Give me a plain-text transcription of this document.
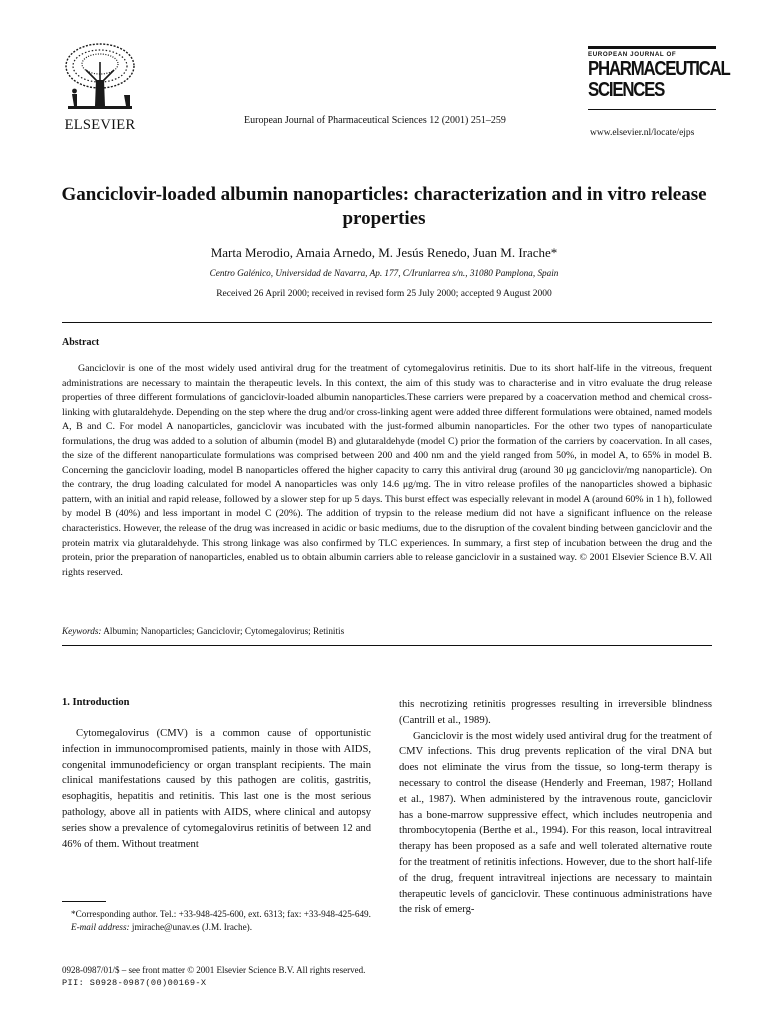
ELSEVIER	European Journal of Pharmaceutical Sciences 12 (2001) 251–259
EUROPEAN JOURNAL OF
PHARMACEUTICAL
SCIENCES
www.elsevier.nl/locate/ejps
Ganciclovir-loaded albumin nanoparticles: characterization and in vitro release properties
Marta Merodio, Amaia Arnedo, M. Jesús Renedo, Juan M. Irache*
Centro Galénico, Universidad de Navarra, Ap. 177, C/Irunlarrea s/n., 31080 Pamplona, Spain
Received 26 April 2000; received in revised form 25 July 2000; accepted 9 August 2000
Abstract

Ganciclovir is one of the most widely used antiviral drug for the treatment of cytomegalovirus retinitis. Due to its short half-life in the vitreous, frequent administrations are necessary to maintain the therapeutic levels. In this context, the aim of this study was to characterise and in vitro evaluate the drug release properties of three different formulations of ganciclovir-loaded albumin nanoparticles.These carriers were prepared by a coacervation method and chemical cross-linking with glutaraldehyde. Depending on the step where the drug and/or cross-linking agent were added three different formulations were obtained, named models A, B and C. For model A nanoparticles, ganciclovir was incubated with the just-formed albumin nanoparticles. For the other two types of nanoparticulate formulations, the drug was added to a solution of albumin (model B) and glutaraldehyde (model C) prior the formation of the carriers by coacervation. In all cases, the size of the different nanoparticulate formulations was comprised between 200 and 400 nm and the yield ranged from 50%, in model A, to 65% in model B. Concerning the ganciclovir loading, model B nanoparticles offered the higher capacity to carry this antiviral drug (around 30 μg ganciclovir/mg nanoparticle). On the contrary, the drug loading calculated for model A nanoparticles was only 14.6 μg/mg. The in vitro release profiles of the nanoparticles showed a biphasic pattern, with an initial and rapid release, followed by a slower step for up 5 days. This burst effect was especially relevant in model A (around 60% in 1 h), followed by model B (40%) and less important in model C (20%). The addition of trypsin to the release medium did not have a significant influence on the release characteristics. However, the release of the drug was increased in acidic or basic mediums, due to the disruption of the covalent binding between ganciclovir and the protein matrix via glutaraldehyde. This strong linkage was also confirmed by TLC experiences. In summary, a first step of incubation between the drug and the protein, prior the preparation of nanoparticles, enabled us to obtain albumin carriers able to release ganciclovir in a sustained way. © 2001 Elsevier Science B.V. All rights reserved.

Keywords: Albumin; Nanoparticles; Ganciclovir; Cytomegalovirus; Retinitis
1. Introduction

Cytomegalovirus (CMV) is a common cause of opportunistic infection in immunocompromised patients, mainly in those with AIDS, congenital immunodeficiency or organ transplant recipients. The main clinical manifestations caused by this pathogen are colitis, gastritis, esophagitis, hepatitis and retinitis. This last one is the most serious pathology, above all in patients with AIDS, where clinical and autopsy series show a prevalence of cytomegalovirus retinitis of between 12 and 46% of them. Without treatment

this necrotizing retinitis progresses resulting in irreversible blindness (Cantrill et al., 1989).

Ganciclovir is the most widely used antiviral drug for the treatment of CMV infections. This drug prevents replication of the viral DNA but does not eliminate the virus from the tissue, so long-term therapy is necessary to control the disease (Henderly and Freeman, 1987; Holland et al., 1987). When administered by the intravenous route, ganciclovir has a bone-marrow suppressive effect, which includes neutropenia and thrombocytopenia (Berthe et al., 1994). For this reason, local intravitreal therapy has been proposed as a safe and well tolerated alternative route for the treatment of retinitis infections. However, due to the short half-life of the drug, frequent intravitreal injections are necessary to maintain therapeutic levels of ganciclovir. These continuous administrations have the risk of emerg-

*Corresponding author. Tel.: +33-948-425-600, ext. 6313; fax: +33-948-425-649.
E-mail address: jmirache@unav.es (J.M. Irache).
0928-0987/01/$ – see front matter © 2001 Elsevier Science B.V. All rights reserved.
PII: S0928-0987(00)00169-X
